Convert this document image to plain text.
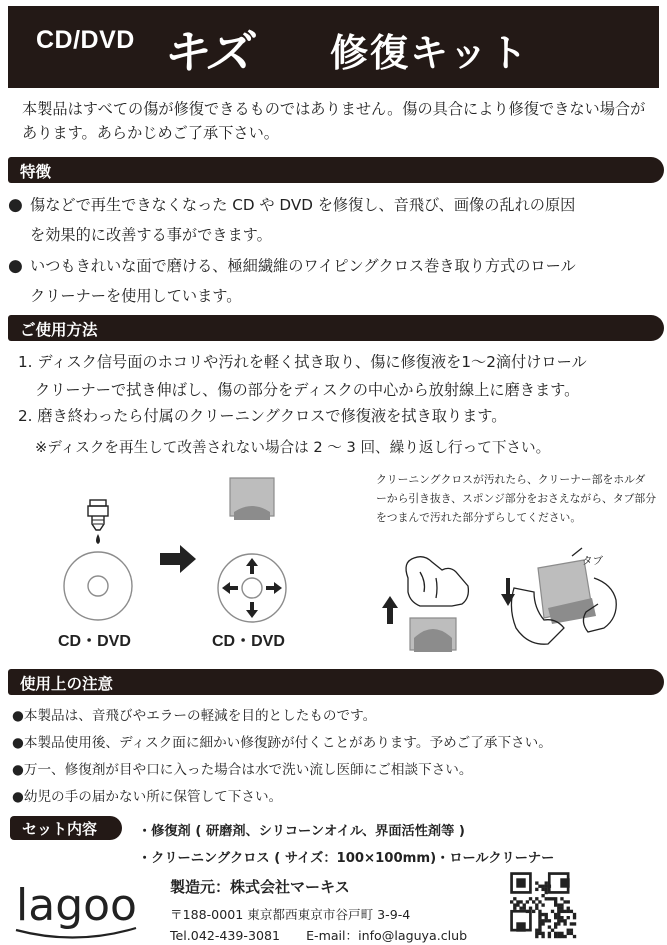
CD/DVD キズ 修復キット

本製品はすべての傷が修復できるものではありません。傷の具合により修復できない場合があります。あらかじめご了承下さい。

特徴
● 傷などで再生できなくなった CD や DVD を修復し、音飛び、画像の乱れの原因
を効果的に改善する事ができます。

● いつもきれいな面で磨ける、極細繊維のワイピングクロス巻き取り方式のロール
クリーナーを使用しています。

ご使用方法

1. ディスク信号面のホコリや汚れを軽く拭き取り、傷に修復液を1～2滴付けロール
クリーナーで拭き伸ばし、傷の部分をディスクの中心から放射線上に磨きます。

2. 磨き終わったら付属のクリーニングクロスで修復液を拭き取ります。

※ディスクを再生して改善されない場合は 2 ～ 3 回、繰り返し行って下さい。
CD・DVD	CD・DVD

クリーニングクロスが汚れたら、クリーナー部をホルダーから引き抜き、スポンジ部分をおさえながら、タブ部分をつまんで汚れた部分ずらしてください。

タブ
使用上の注意
●本製品は、音飛びやエラーの軽減を目的としたものです。
●本製品使用後、ディスク面に細かい修復跡が付くことがあります。予めご了承下さい。
●万一、修復剤が目や口に入った場合は水で洗い流し医師にご相談下さい。
●幼児の手の届かない所に保管して下さい。
セット内容	・修復剤 ( 研磨剤、シリコーンオイル、界面活性剤等 )
・クリーニングクロス ( サイズ：100×100mm)・ロールクリーナー
lagoo 製造元：株式会社マーキス
〒188-0001 東京都西東京市谷戸町 3-9-4
Tel.042-439-3081 E-mail：info@laguya.club
